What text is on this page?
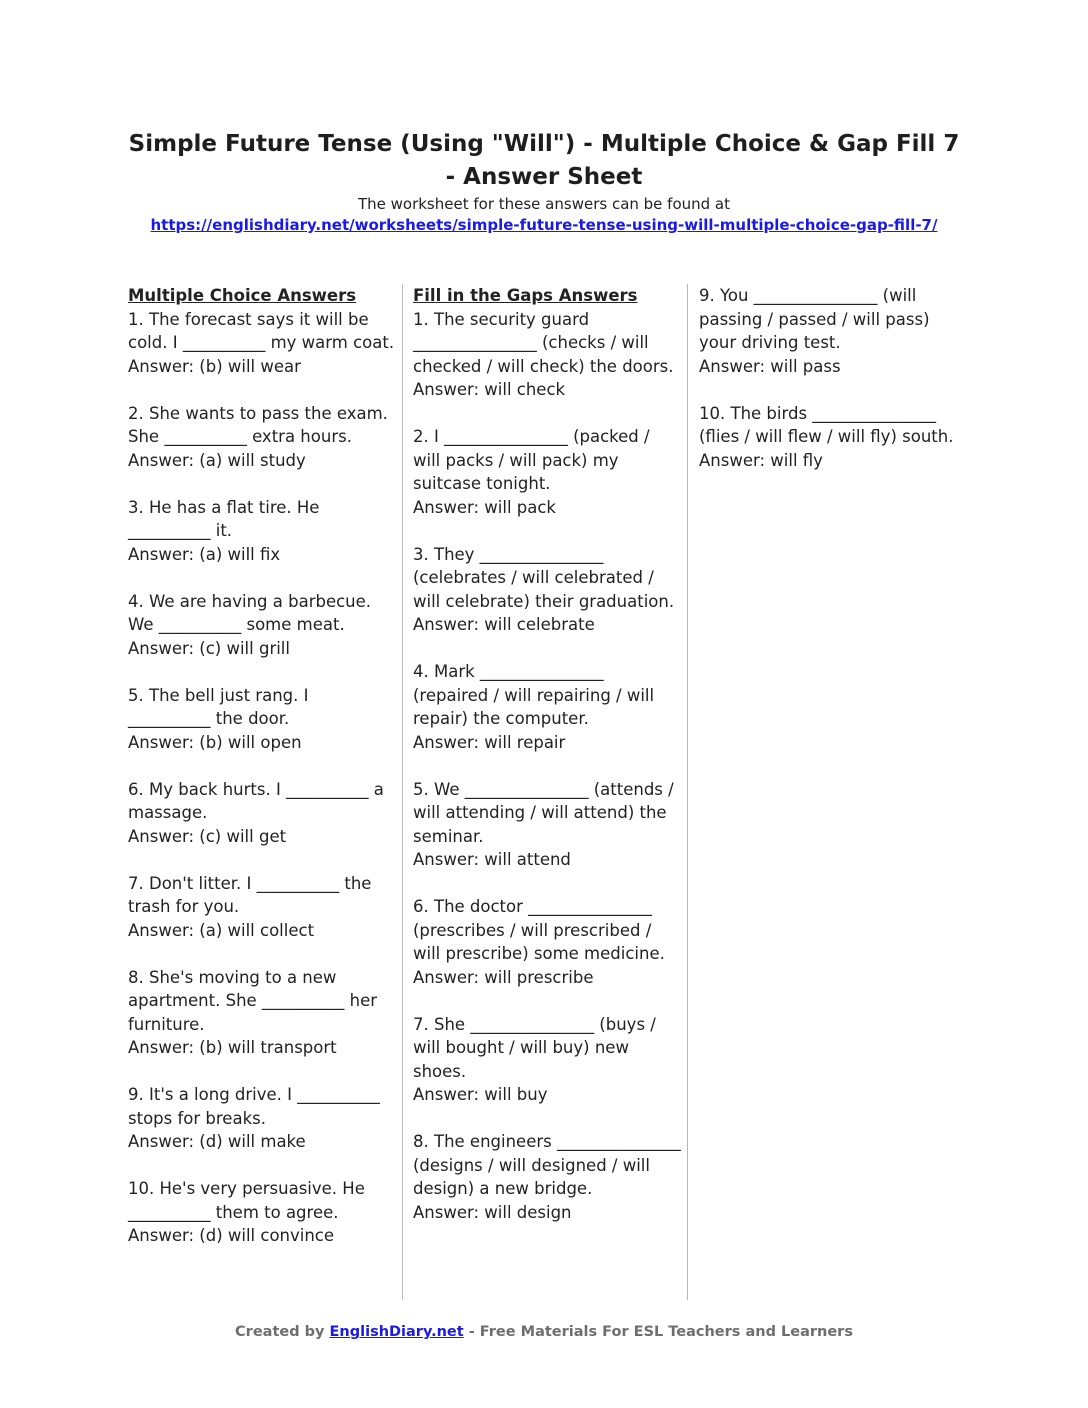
Simple Future Tense (Using "Will") - Multiple Choice & Gap Fill 7
- Answer Sheet
The worksheet for these answers can be found at
https://englishdiary.net/worksheets/simple-future-tense-using-will-multiple-choice-gap-fill-7/
Multiple Choice Answers
1. The forecast says it will be cold. I __________ my warm coat.
Answer: (b) will wear
2. She wants to pass the exam. She __________ extra hours.
Answer: (a) will study
3. He has a flat tire. He __________ it.
Answer: (a) will fix
4. We are having a barbecue. We __________ some meat.
Answer: (c) will grill
5. The bell just rang. I __________ the door.
Answer: (b) will open
6. My back hurts. I __________ a massage.
Answer: (c) will get
7. Don't litter. I __________ the trash for you.
Answer: (a) will collect
8. She's moving to a new apartment. She __________ her furniture.
Answer: (b) will transport
9. It's a long drive. I __________ stops for breaks.
Answer: (d) will make
10. He's very persuasive. He __________ them to agree.
Answer: (d) will convince
Fill in the Gaps Answers
1. The security guard _______________ (checks / will checked / will check) the doors.
Answer: will check
2. I _______________ (packed / will packs / will pack) my suitcase tonight.
Answer: will pack
3. They _______________ (celebrates / will celebrated / will celebrate) their graduation.
Answer: will celebrate
4. Mark _______________ (repaired / will repairing / will repair) the computer.
Answer: will repair
5. We _______________ (attends / will attending / will attend) the seminar.
Answer: will attend
6. The doctor _______________ (prescribes / will prescribed / will prescribe) some medicine.
Answer: will prescribe
7. She _______________ (buys / will bought / will buy) new shoes.
Answer: will buy
8. The engineers _______________ (designs / will designed / will design) a new bridge.
Answer: will design
9. You _______________ (will passing / passed / will pass) your driving test.
Answer: will pass
10. The birds _______________ (flies / will flew / will fly) south.
Answer: will fly
Created by EnglishDiary.net - Free Materials For ESL Teachers and Learners
